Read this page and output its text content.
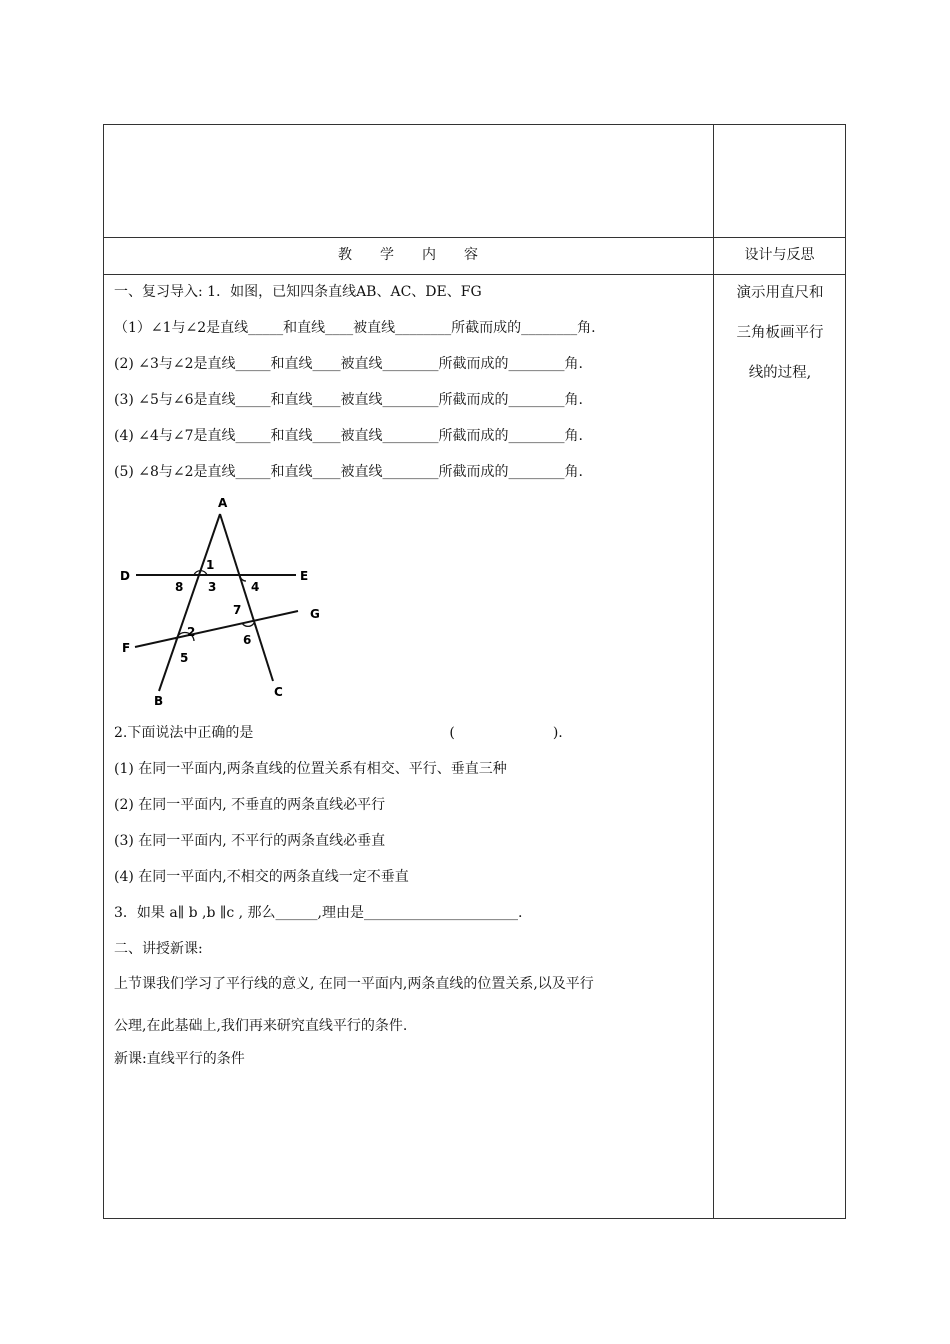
教　　学　　内　　容	设计与反思
演示用直尺和
三角板画平行
线的过程,
一、复习导入: 1．如图，已知四条直线AB、AC、DE、FG
（1）∠1与∠2是直线_____和直线____被直线________所截而成的________角.
(2) ∠3与∠2是直线_____和直线____被直线________所截而成的________角.
(3) ∠5与∠6是直线_____和直线____被直线________所截而成的________角.
(4) ∠4与∠7是直线_____和直线____被直线________所截而成的________角.
(5) ∠8与∠2是直线_____和直线____被直线________所截而成的________角.
A
B
C
D	E
F
G
1
2
3	4
5
6
7
8
2.下面说法中正确的是　　　　　　　　　　　　　　(　　　　　　　).
(1) 在同一平面内,两条直线的位置关系有相交、平行、垂直三种
(2) 在同一平面内, 不垂直的两条直线必平行
(3) 在同一平面内, 不平行的两条直线必垂直
(4) 在同一平面内,不相交的两条直线一定不垂直
3．如果 a∥ b ,b ∥c , 那么______,理由是______________________.
二、讲授新课:
上节课我们学习了平行线的意义, 在同一平面内,两条直线的位置关系,以及平行
公理,在此基础上,我们再来研究直线平行的条件.
新课:直线平行的条件
